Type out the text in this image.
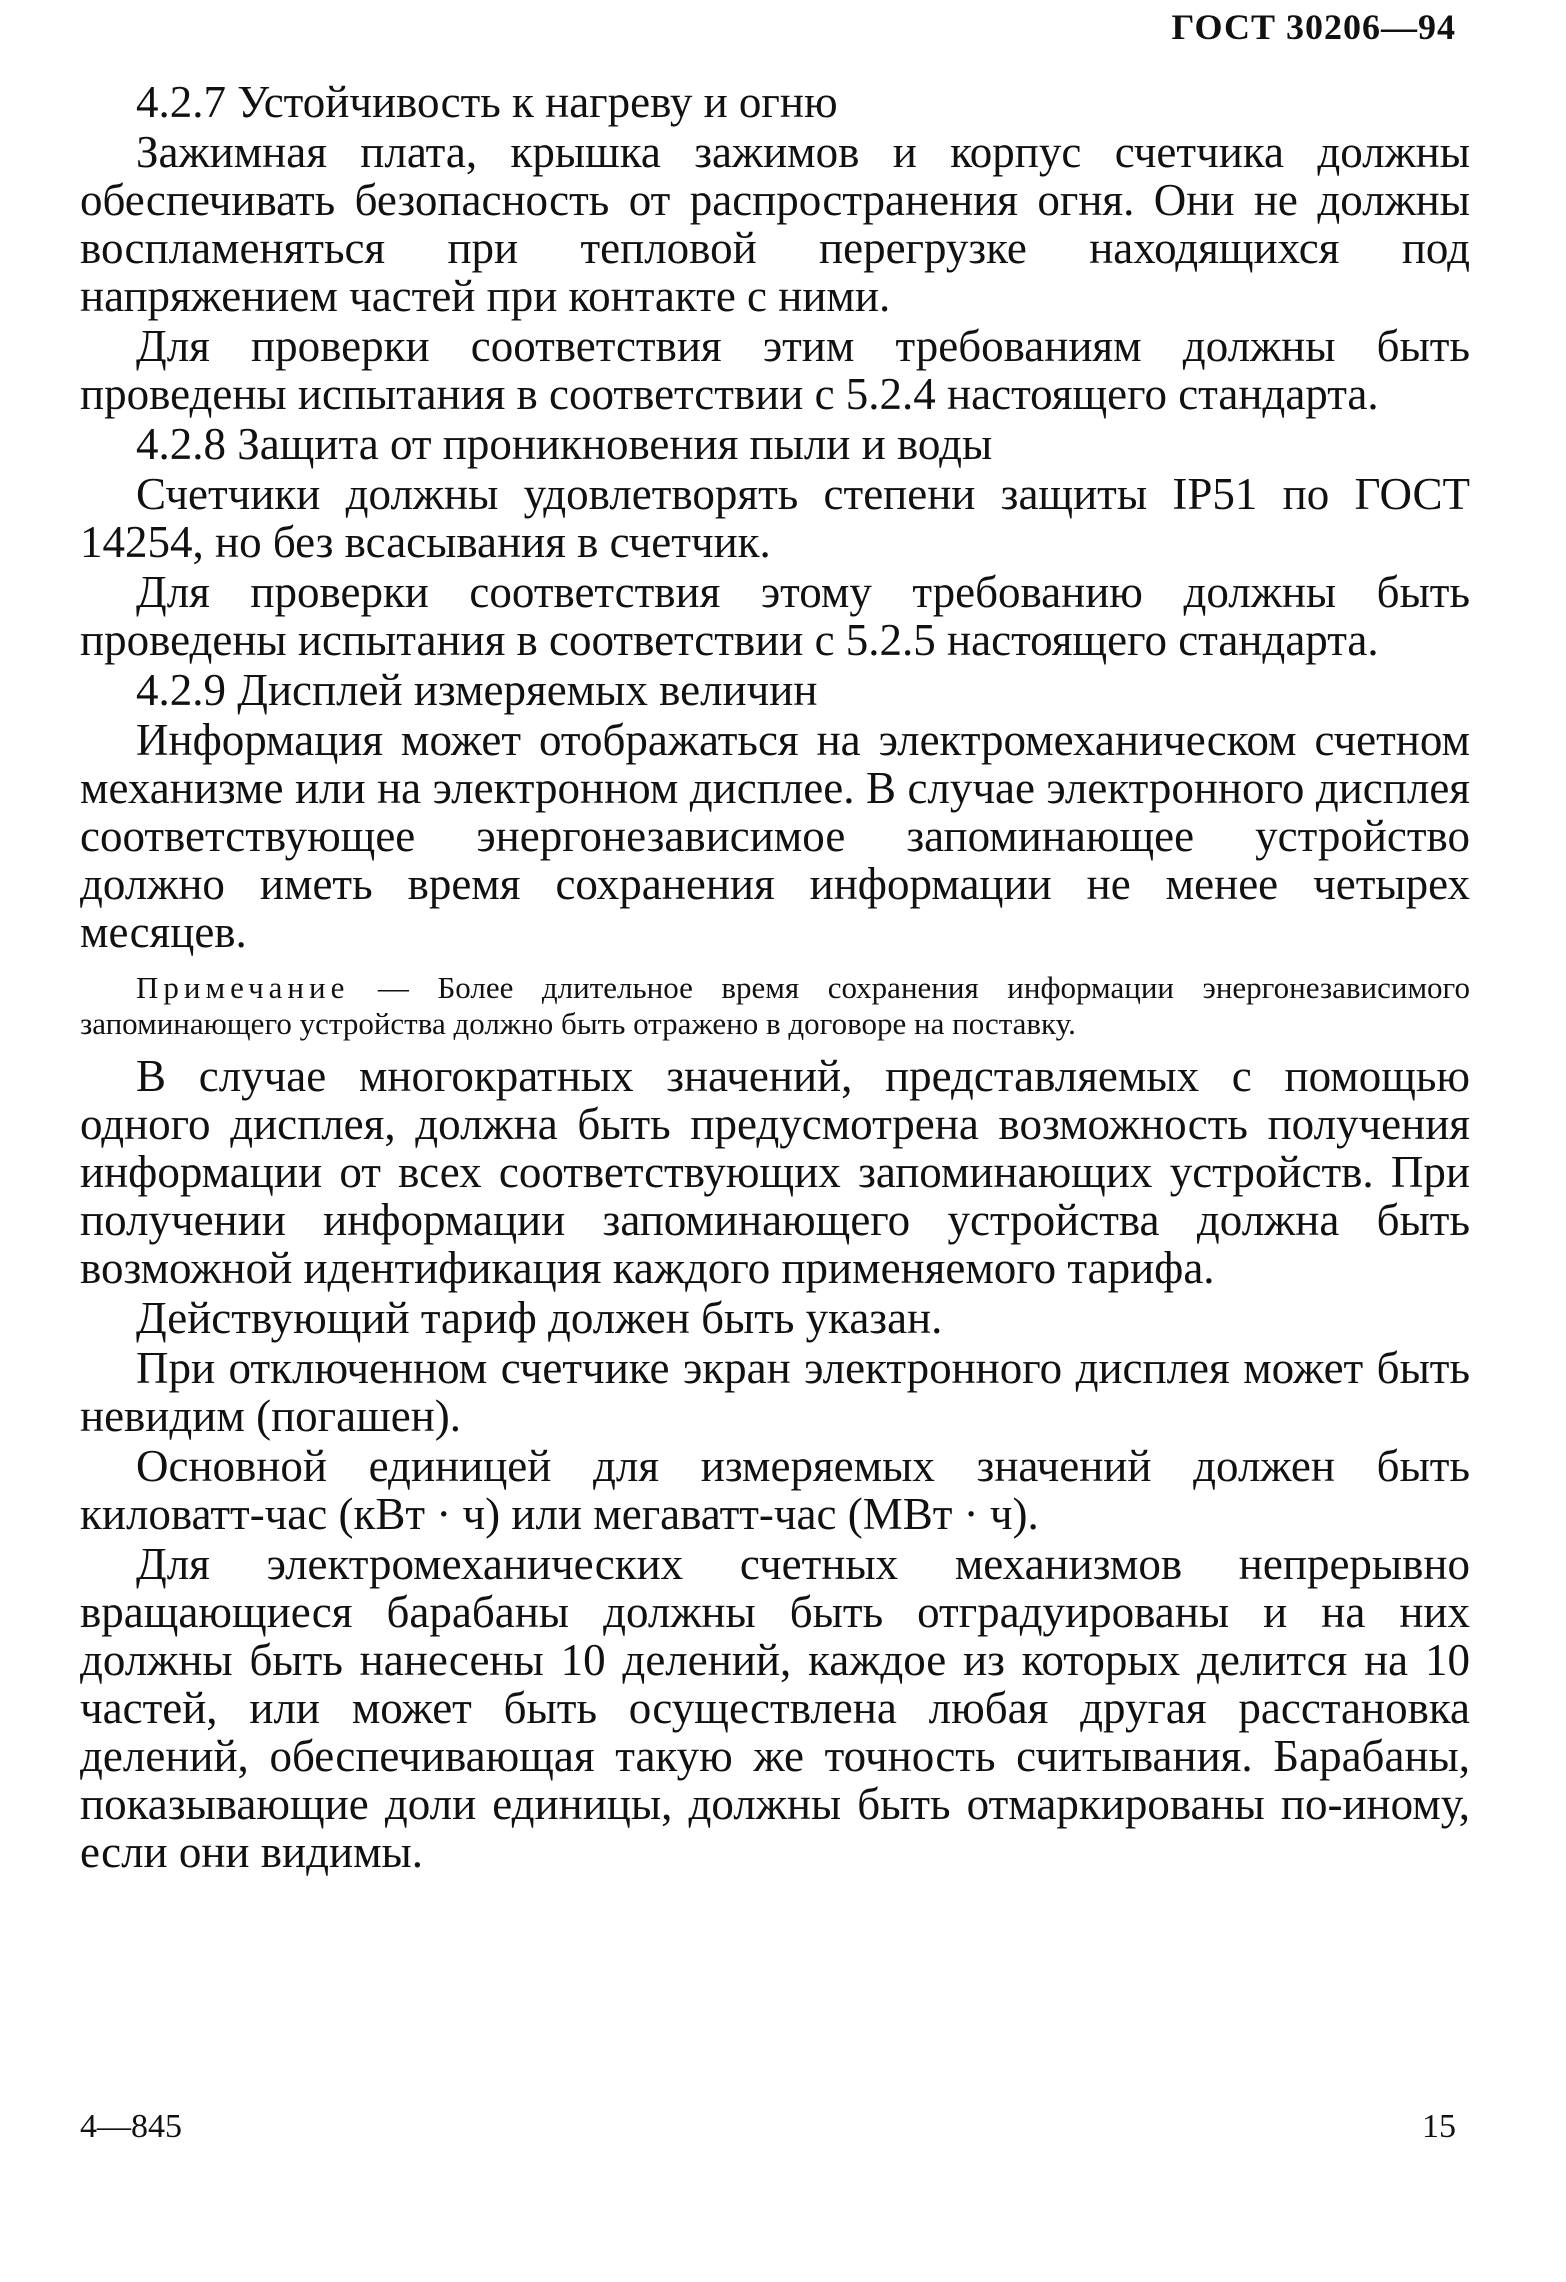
ГОСТ 30206—94
4.2.7 Устойчивость к нагреву и огню
Зажимная плата, крышка зажимов и корпус счетчика должны обеспечивать безопасность от распространения огня. Они не должны воспламеняться при тепловой перегрузке находящихся под напряжением частей при контакте с ними.
Для проверки соответствия этим требованиям должны быть проведены испытания в соответствии с 5.2.4 настоящего стандарта.
4.2.8 Защита от проникновения пыли и воды
Счетчики должны удовлетворять степени защиты IP51 по ГОСТ 14254, но без всасывания в счетчик.
Для проверки соответствия этому требованию должны быть проведены испытания в соответствии с 5.2.5 настоящего стандарта.
4.2.9 Дисплей измеряемых величин
Информация может отображаться на электромеханическом счетном механизме или на электронном дисплее. В случае электронного дисплея соответствующее энергонезависимое запоминающее устройство должно иметь время сохранения информации не менее четырех месяцев.
Примечание — Более длительное время сохранения информации энергонезависимого запоминающего устройства должно быть отражено в договоре на поставку.
В случае многократных значений, представляемых с помощью одного дисплея, должна быть предусмотрена возможность получения информации от всех соответствующих запоминающих устройств. При получении информации запоминающего устройства должна быть возможной идентификация каждого применяемого тарифа.
Действующий тариф должен быть указан.
При отключенном счетчике экран электронного дисплея может быть невидим (погашен).
Основной единицей для измеряемых значений должен быть киловатт-час (кВт · ч) или мегаватт-час (МВт · ч).
Для электромеханических счетных механизмов непрерывно вращающиеся барабаны должны быть отградуированы и на них должны быть нанесены 10 делений, каждое из которых делится на 10 частей, или может быть осуществлена любая другая расстановка делений, обеспечивающая такую же точность считывания. Барабаны, показывающие доли единицы, должны быть отмаркированы по-иному, если они видимы.
4—845	15
